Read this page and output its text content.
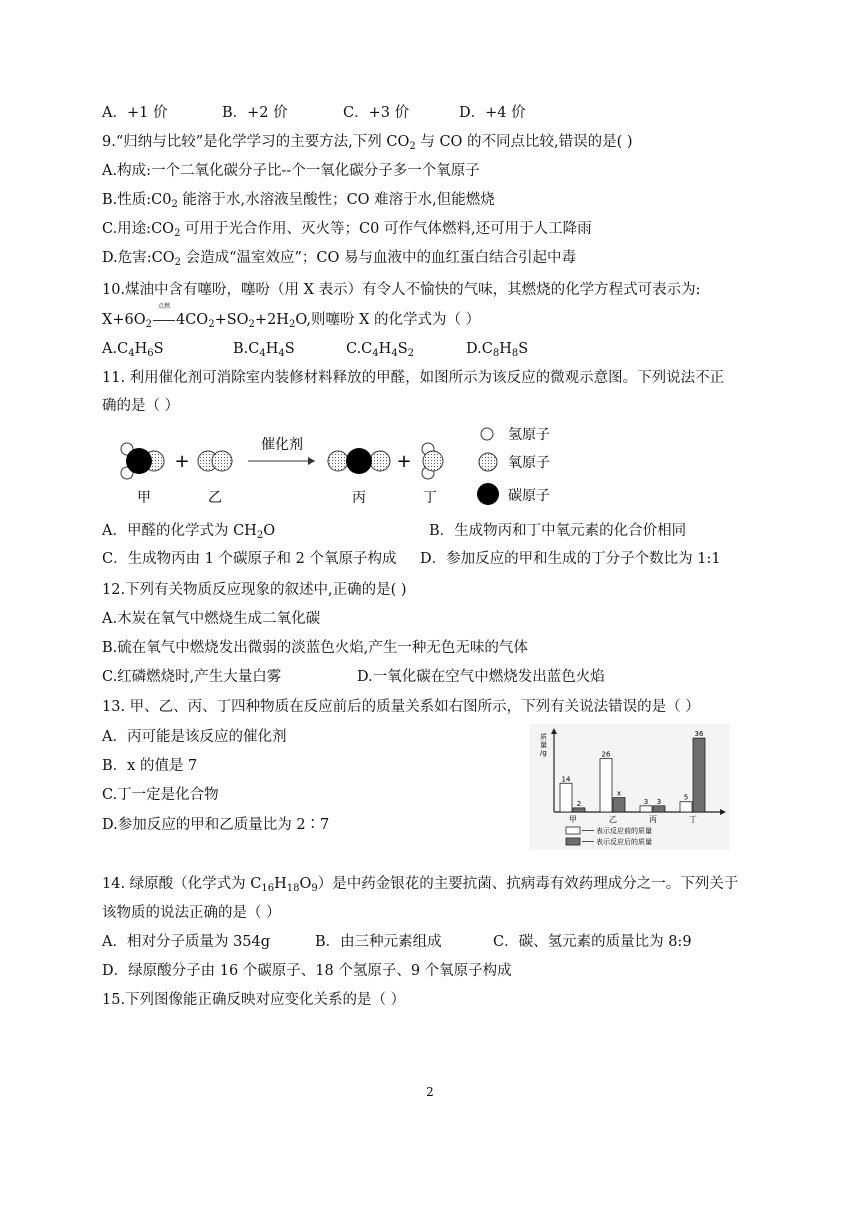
A．+1 价	B．+2 价	C．+3 价	D．+4 价
9.“归纳与比较”是化学学习的主要方法,下列 $CO_2$ 与 CO 的不同点比较,错误的是( )
A.构成:一个二氧化碳分子比--个一氧化碳分子多一个氧原子
B.性质$:C0_2$ 能溶于水,水溶液呈酸性；CO 难溶于水,但能燃烧
C.用途$:CO_2$ 可用于光合作用、灭火等；C0 可作气体燃料,还可用于人工降雨
D.危害$:CO_2$ 会造成“温室效应”；CO 易与血液中的血红蛋白结合引起中毒
10.煤油中含有噻吩，噻吩（用 X 表示）有令人不愉快的气味，其燃烧的化学方程式可表示为:
$X+6O_2$
点燃
$4CO_2+SO_2+2H_2O$,则噻吩 X 的化学式为（ ）
$A.C_4H_6S$	$B.C_4H_4S$	$C.C_4H_4S_2$	$D.C_8H_8S$
11. 利用催化剂可消除室内装修材料释放的甲醛，如图所示为该反应的微观示意图。下列说法不正
确的是（ ）
+
催化剂
+
甲	乙	丙	丁
氢原子
氧原子
碳原子
A．甲醛的化学式为 $CH_2O$	B．生成物丙和丁中氧元素的化合价相同
C．生成物丙由 1 个碳原子和 2 个氧原子构成 D．参加反应的甲和生成的丁分子个数比为 1:1
12.下列有关物质反应现象的叙述中,正确的是( )
A.木炭在氧气中燃烧生成二氧化碳
B.硫在氧气中燃烧发出微弱的淡蓝色火焰,产生一种无色无味的气体
C.红磷燃烧时,产生大量白雾	D.一氧化碳在空气中燃烧发出蓝色火焰
13. 甲、乙、丙、丁四种物质在反应前后的质量关系如右图所示，下列有关说法错误的是（ ）
A．丙可能是该反应的催化剂
B．x 的值是 7
C.丁一定是化合物
D.参加反应的甲和乙质量比为 2∶7
质
量
/g
14
2
甲
26
x
乙
3 3
丙
5
36
丁
表示反应前的质量
表示反应后的质量
14. 绿原酸（化学式为 $C_{16}H_{18}O_9$）是中药金银花的主要抗菌、抗病毒有效药理成分之一。下列关于
该物质的说法正确的是（ ）
A．相对分子质量为 354g	B．由三种元素组成	C．碳、氢元素的质量比为 8:9
D．绿原酸分子由 16 个碳原子、18 个氢原子、9 个氧原子构成
15.下列图像能正确反映对应变化关系的是（ ）
2
